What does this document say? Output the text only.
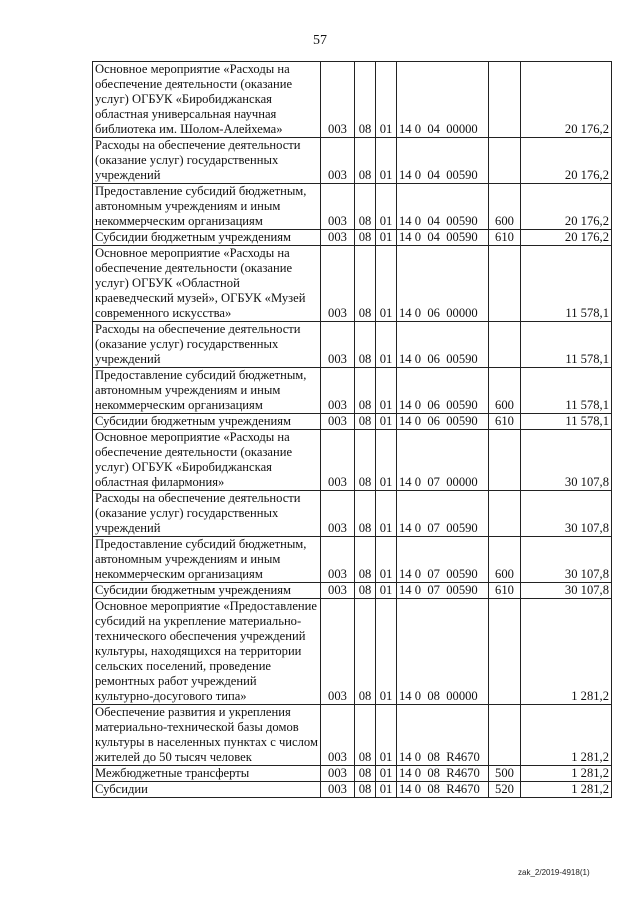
57
Основное мероприятие «Расходы на обеспечение деятельности (оказание услуг) ОГБУК «Биробиджанская областная универсальная научная библиотека им. Шолом-Алейхема»	003	08	01	14 0  04  00000		20 176,2
Расходы на обеспечение деятельности (оказание услуг) государственных учреждений	003	08	01	14 0  04  00590		20 176,2
Предоставление субсидий бюджетным, автономным учреждениям и иным некоммерческим организациям	003	08	01	14 0  04  00590	600	20 176,2
Субсидии бюджетным учреждениям	003	08	01	14 0  04  00590	610	20 176,2
Основное мероприятие «Расходы на обеспечение деятельности (оказание услуг) ОГБУК «Областной краеведческий музей», ОГБУК «Музей современного искусства»	003	08	01	14 0  06  00000		11 578,1
Расходы на обеспечение деятельности (оказание услуг) государственных учреждений	003	08	01	14 0  06  00590		11 578,1
Предоставление субсидий бюджетным, автономным учреждениям и иным некоммерческим организациям	003	08	01	14 0  06  00590	600	11 578,1
Субсидии бюджетным учреждениям	003	08	01	14 0  06  00590	610	11 578,1
Основное мероприятие «Расходы на обеспечение деятельности (оказание услуг) ОГБУК «Биробиджанская областная филармония»	003	08	01	14 0  07  00000		30 107,8
Расходы на обеспечение деятельности (оказание услуг) государственных учреждений	003	08	01	14 0  07  00590		30 107,8
Предоставление субсидий бюджетным, автономным учреждениям и иным некоммерческим организациям	003	08	01	14 0  07  00590	600	30 107,8
Субсидии бюджетным учреждениям	003	08	01	14 0  07  00590	610	30 107,8
Основное мероприятие «Предоставление субсидий на укрепление материально-технического обеспечения учреждений культуры, находящихся на территории сельских поселений, проведение ремонтных работ учреждений культурно-досугового типа»	003	08	01	14 0  08  00000		1 281,2
Обеспечение развития и укрепления материально-технической базы домов культуры в населенных пунктах с числом жителей до 50 тысяч человек	003	08	01	14 0  08  R4670		1 281,2
Межбюджетные трансферты	003	08	01	14 0  08  R4670	500	1 281,2
Субсидии	003	08	01	14 0  08  R4670	520	1 281,2
zak_2/2019-4918(1)
